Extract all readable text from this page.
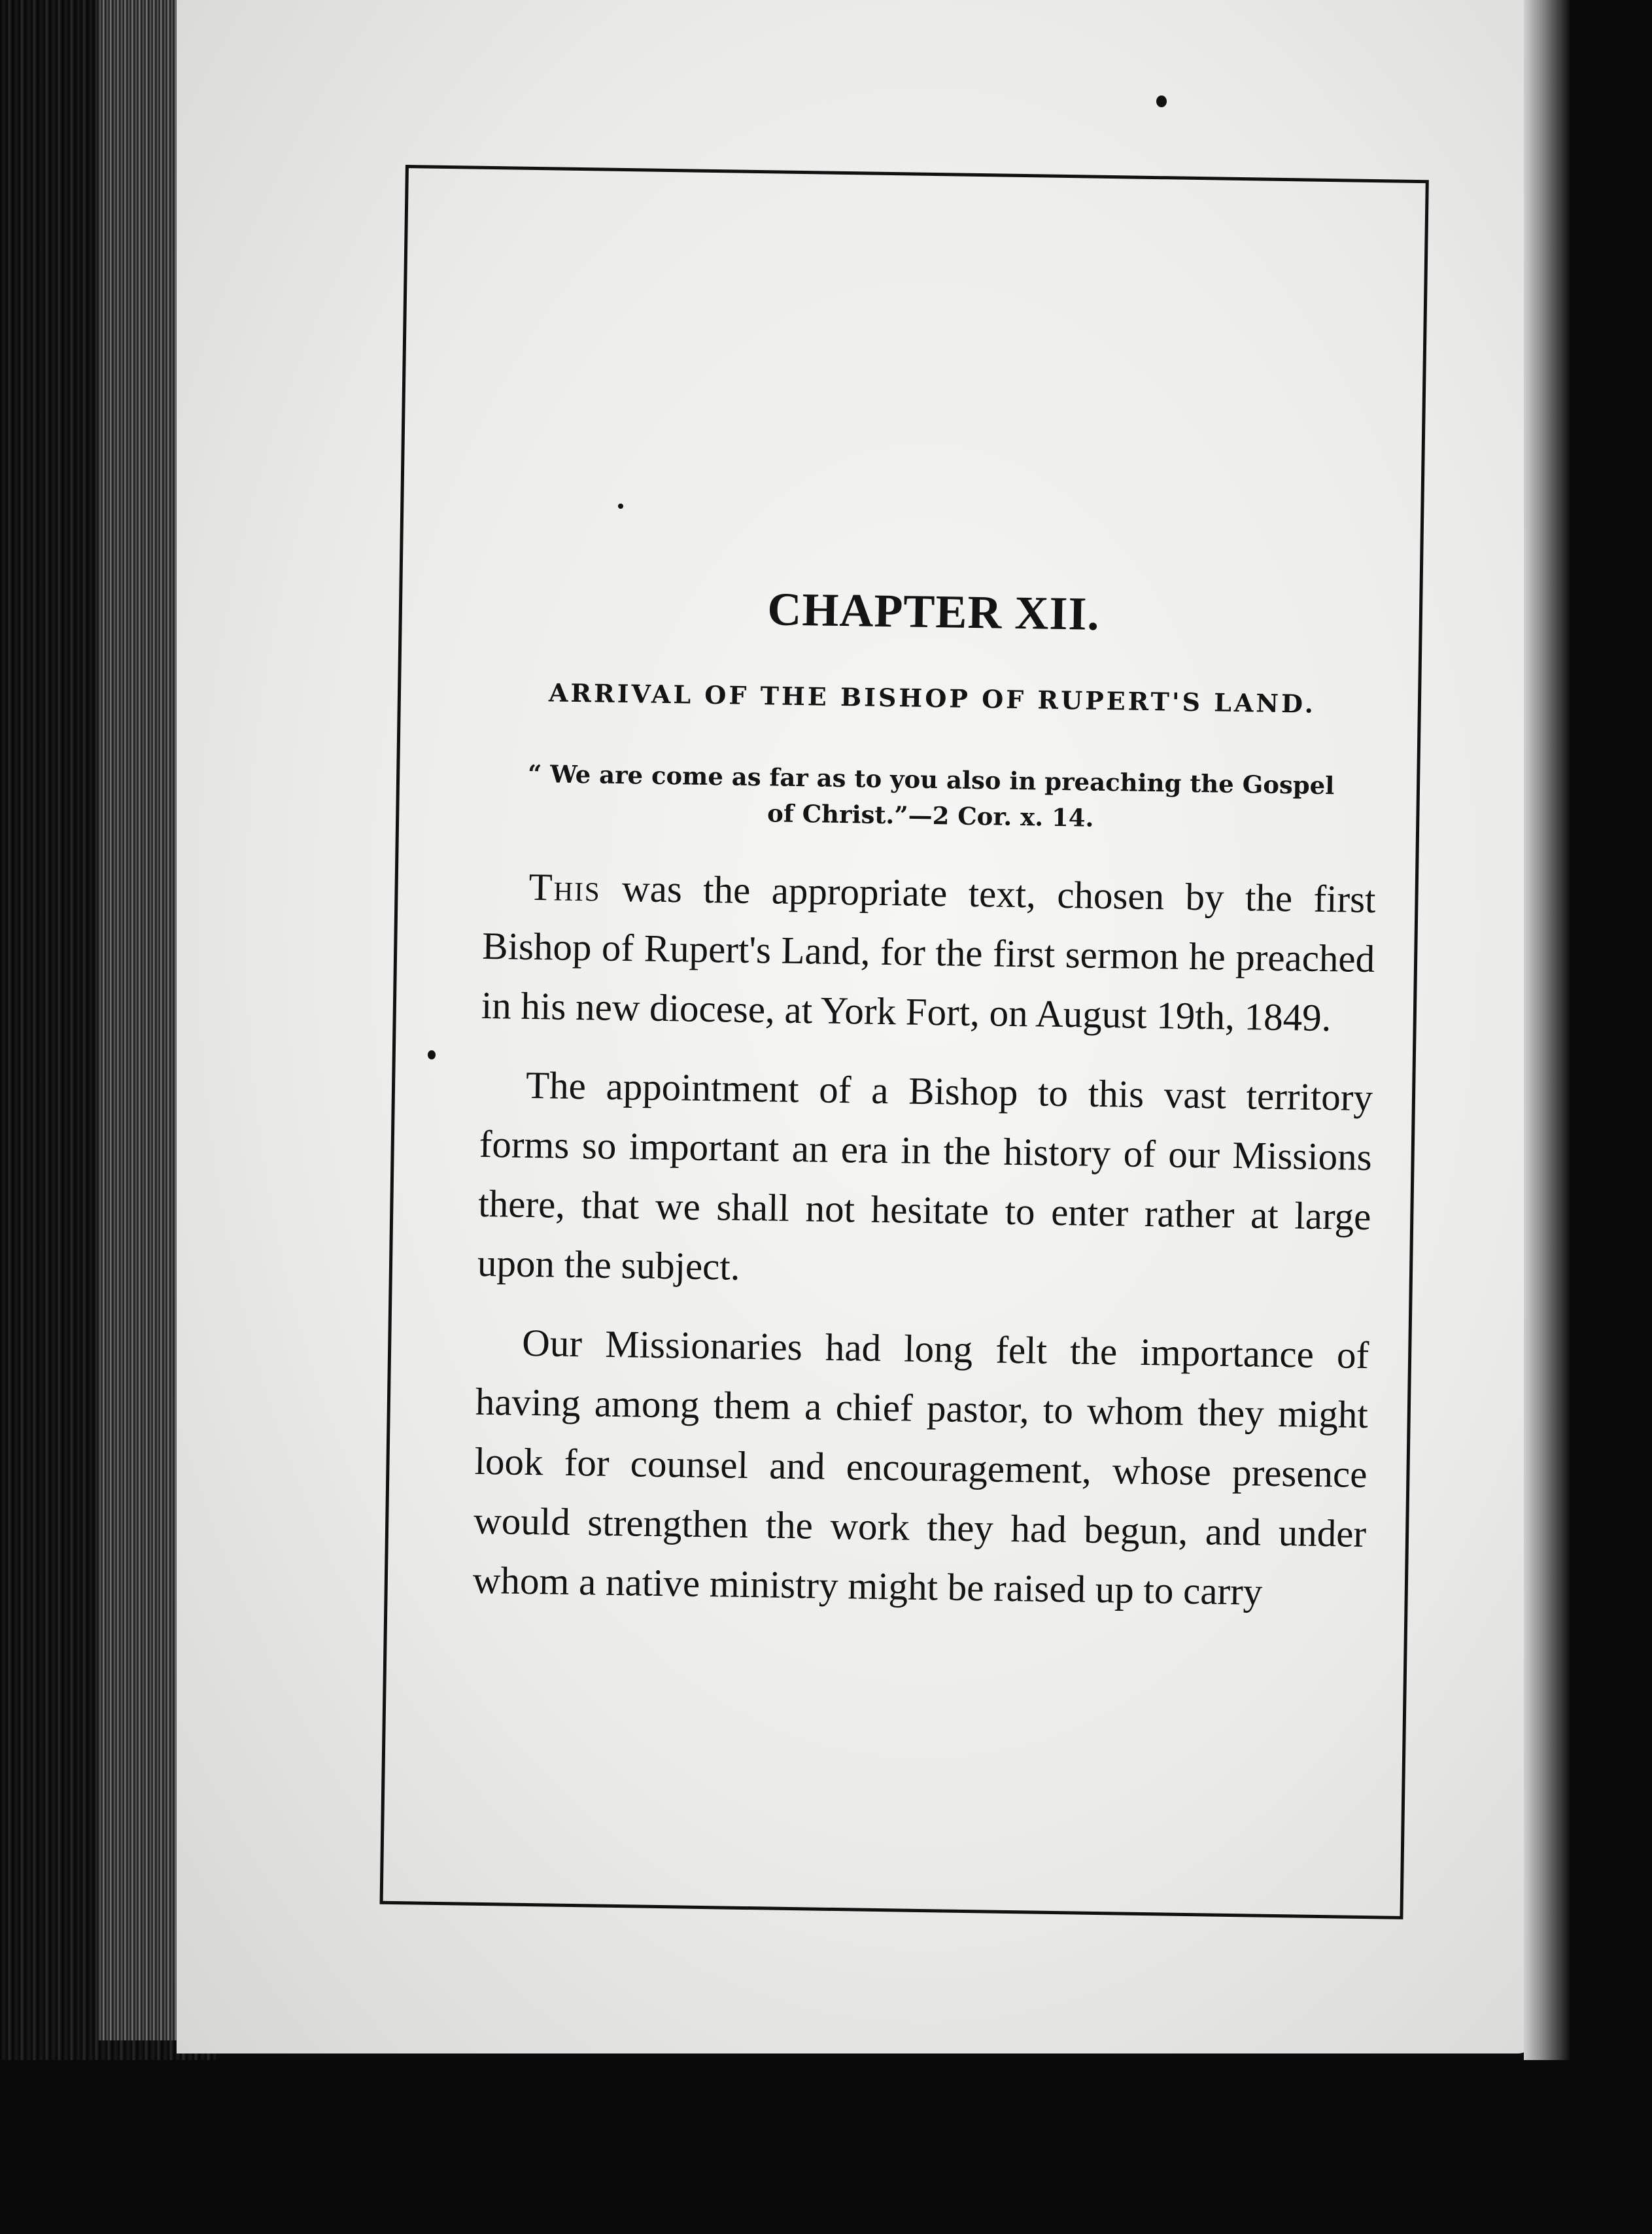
CHAPTER XII.
ARRIVAL OF THE BISHOP OF RUPERT'S LAND.
“ We are come as far as to you also in preaching the Gospel
of Christ.”—2 Cor. x. 14.

This was the appropriate text, chosen by the first Bishop of Rupert's Land, for the first sermon he preached in his new diocese, at York Fort, on August 19th, 1849.

The appointment of a Bishop to this vast territory forms so important an era in the history of our Missions there, that we shall not hesitate to enter rather at large upon the subject.

Our Missionaries had long felt the importance of having among them a chief pastor, to whom they might look for counsel and encouragement, whose presence would strengthen the work they had begun, and under whom a native ministry might be raised up to carry
